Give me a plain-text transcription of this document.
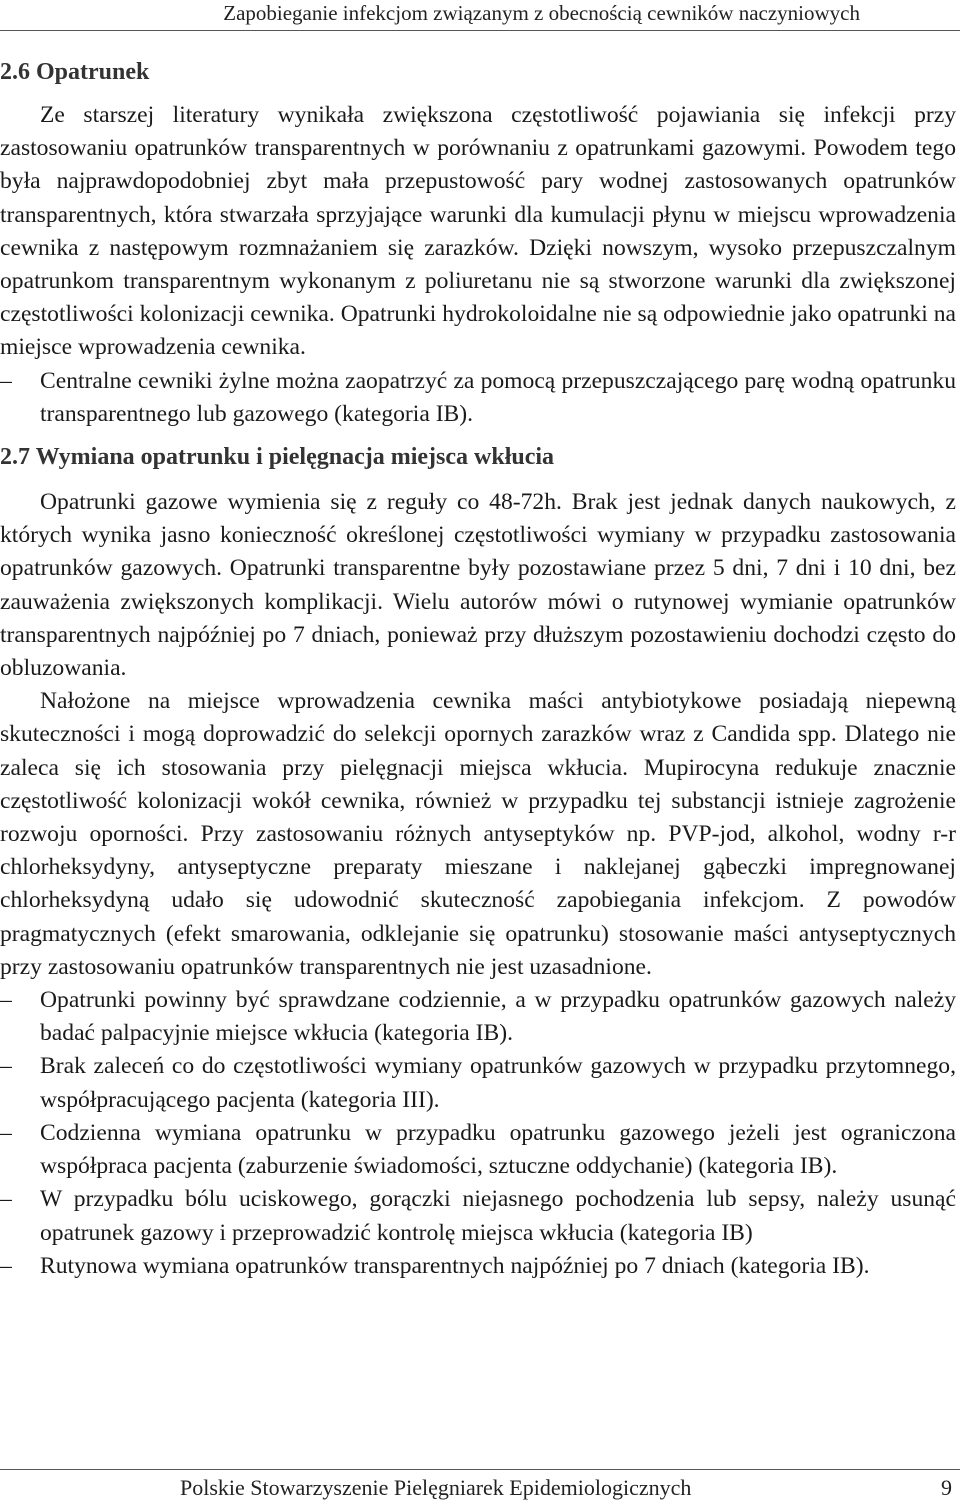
Zapobieganie infekcjom związanym z obecnością cewników naczyniowych
2.6 Opatrunek

Ze starszej literatury wynikała zwiększona częstotliwość pojawiania się infekcji przy zastosowaniu opatrunków transparentnych w porównaniu z opatrunkami gazowymi. Powodem tego była najprawdopodobniej zbyt mała przepustowość pary wodnej zastosowanych opatrunków transparentnych, która stwarzała sprzyjające warunki dla kumulacji płynu w miejscu wprowadzenia cewnika z następowym rozmnażaniem się zarazków. Dzięki nowszym, wysoko przepuszczalnym opatrunkom transparentnym wykonanym z poliuretanu nie są stworzone warunki dla zwiększonej częstotliwości kolonizacji cewnika. Opatrunki hydrokoloidalne nie są odpowiednie jako opatrunki na miejsce wprowadzenia cewnika.

–	Centralne cewniki żylne można zaopatrzyć za pomocą przepuszczającego parę wodną opatrunku transparentnego lub gazowego (kategoria IB).
2.7 Wymiana opatrunku i pielęgnacja miejsca wkłucia

Opatrunki gazowe wymienia się z reguły co 48-72h. Brak jest jednak danych naukowych, z których wynika jasno konieczność określonej częstotliwości wymiany w przypadku zastosowania opatrunków gazowych. Opatrunki transparentne były pozostawiane przez 5 dni, 7 dni i 10 dni, bez zauważenia zwiększonych komplikacji. Wielu autorów mówi o rutynowej wymianie opatrunków transparentnych najpóźniej po 7 dniach, ponieważ przy dłuższym pozostawieniu dochodzi często do obluzowania.

Nałożone na miejsce wprowadzenia cewnika maści antybiotykowe posiadają niepewną skuteczności i mogą doprowadzić do selekcji opornych zarazków wraz z Candida spp. Dlatego nie zaleca się ich stosowania przy pielęgnacji miejsca wkłucia. Mupirocyna redukuje znacznie częstotliwość kolonizacji wokół cewnika, również w przypadku tej substancji istnieje zagrożenie rozwoju oporności. Przy zastosowaniu różnych antyseptyków np. PVP-jod, alkohol, wodny r-r chlorheksydyny, antyseptyczne preparaty mieszane i naklejanej gąbeczki impregnowanej chlorheksydyną udało się udowodnić skuteczność zapobiegania infekcjom. Z powodów pragmatycznych (efekt smarowania, odklejanie się opatrunku) stosowanie maści antyseptycznych przy zastosowaniu opatrunków transparentnych nie jest uzasadnione.

–	Opatrunki powinny być sprawdzane codziennie, a w przypadku opatrunków gazowych należy badać palpacyjnie miejsce wkłucia (kategoria IB).
–	Brak zaleceń co do częstotliwości wymiany opatrunków gazowych w przypadku przytomnego, współpracującego pacjenta (kategoria III).
–	Codzienna wymiana opatrunku w przypadku opatrunku gazowego jeżeli jest ograniczona współpraca pacjenta (zaburzenie świadomości, sztuczne oddychanie) (kategoria IB).
–	W przypadku bólu uciskowego, gorączki niejasnego pochodzenia lub sepsy, należy usunąć opatrunek gazowy i przeprowadzić kontrolę miejsca wkłucia (kategoria IB)
–	Rutynowa wymiana opatrunków transparentnych najpóźniej po 7 dniach (kategoria IB).
Polskie Stowarzyszenie Pielęgniarek Epidemiologicznych	9
